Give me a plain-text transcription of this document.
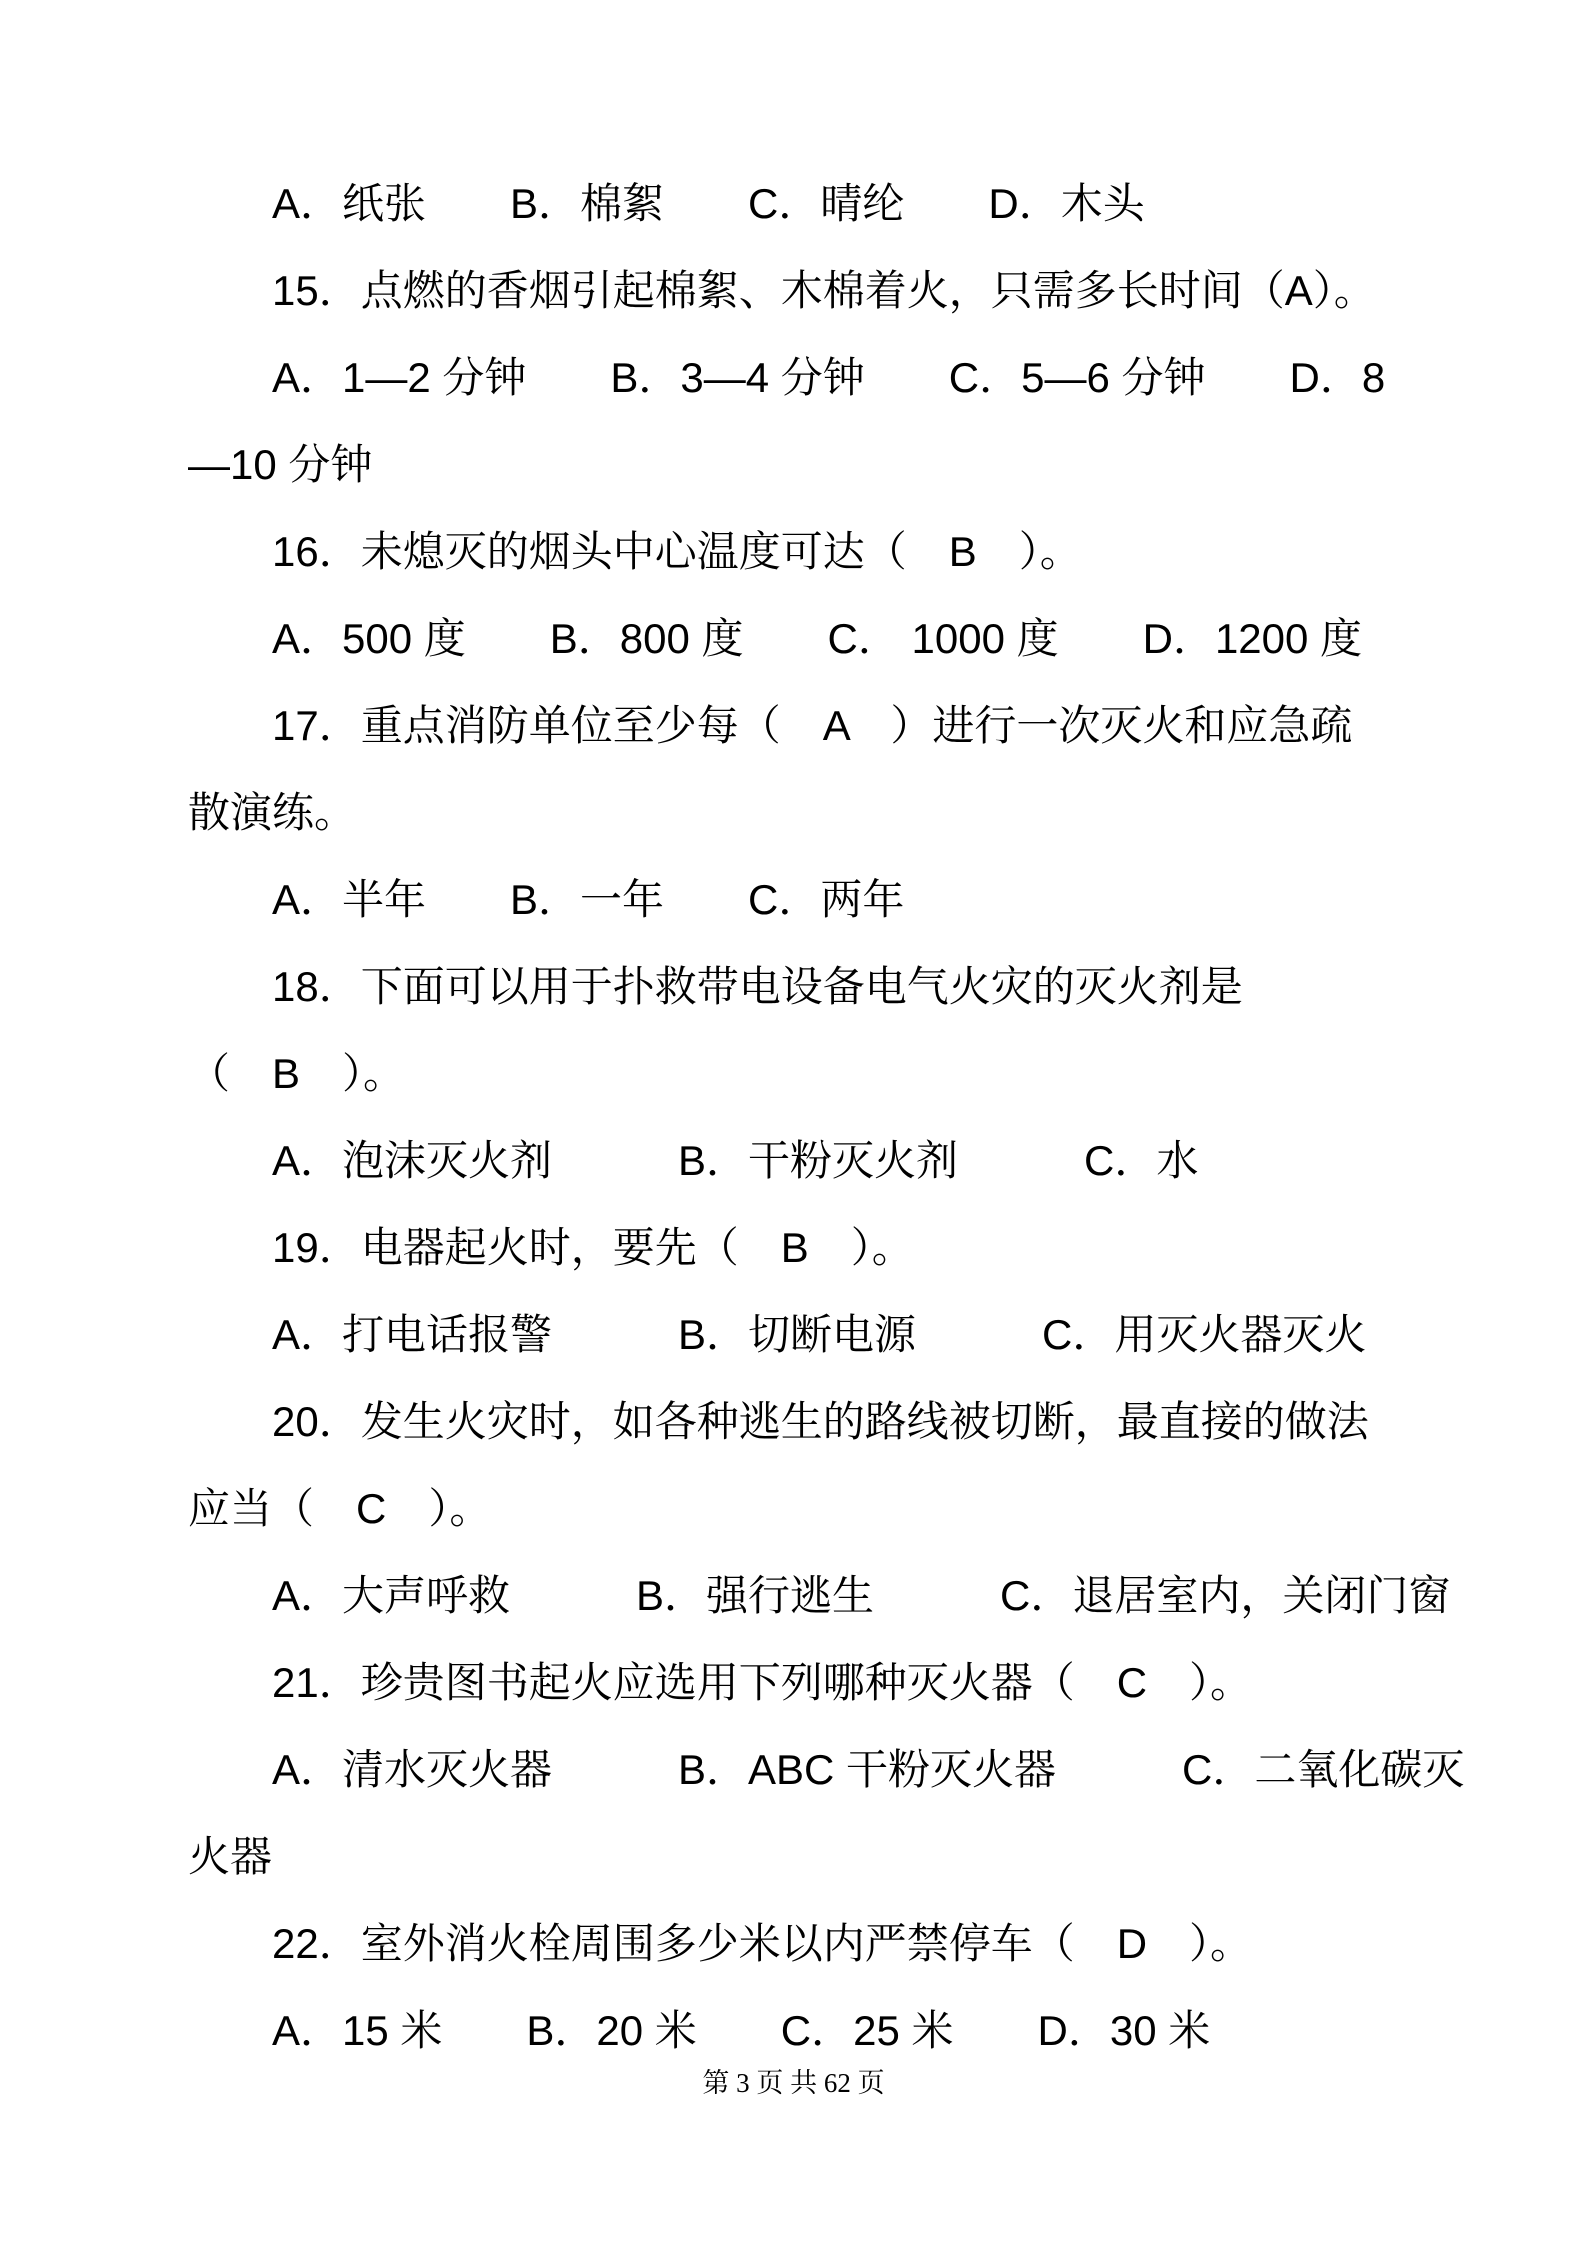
A．纸张　　B．棉絮　　C．晴纶　　D．木头
15．点燃的香烟引起棉絮、木棉着火，只需多长时间（A）。
A．1—2 分钟　　B．3—4 分钟　　C．5—6 分钟　　D．8
—10 分钟
16．未熄灭的烟头中心温度可达（　B　）。
A．500 度　　B．800 度　　C． 1000 度　　D．1200 度
17．重点消防单位至少每（　A　）进行一次灭火和应急疏
散演练。
A．半年　　B．一年　　C．两年
18．下面可以用于扑救带电设备电气火灾的灭火剂是
（　B　）。
A．泡沫灭火剂　　　B．干粉灭火剂　　　C．水
19．电器起火时，要先（　B　）。
A．打电话报警　　　B．切断电源　　　C．用灭火器灭火
20．发生火灾时，如各种逃生的路线被切断，最直接的做法
应当（　C　）。
A．大声呼救　　　B．强行逃生　　　C．退居室内，关闭门窗
21．珍贵图书起火应选用下列哪种灭火器（　C　）。
A．清水灭火器　　　B．ABC 干粉灭火器　　　C．二氧化碳灭
火器
22．室外消火栓周围多少米以内严禁停车（　D　）。
A．15 米　　B．20 米　　C．25 米　　D．30 米
第 3 页 共 62 页
